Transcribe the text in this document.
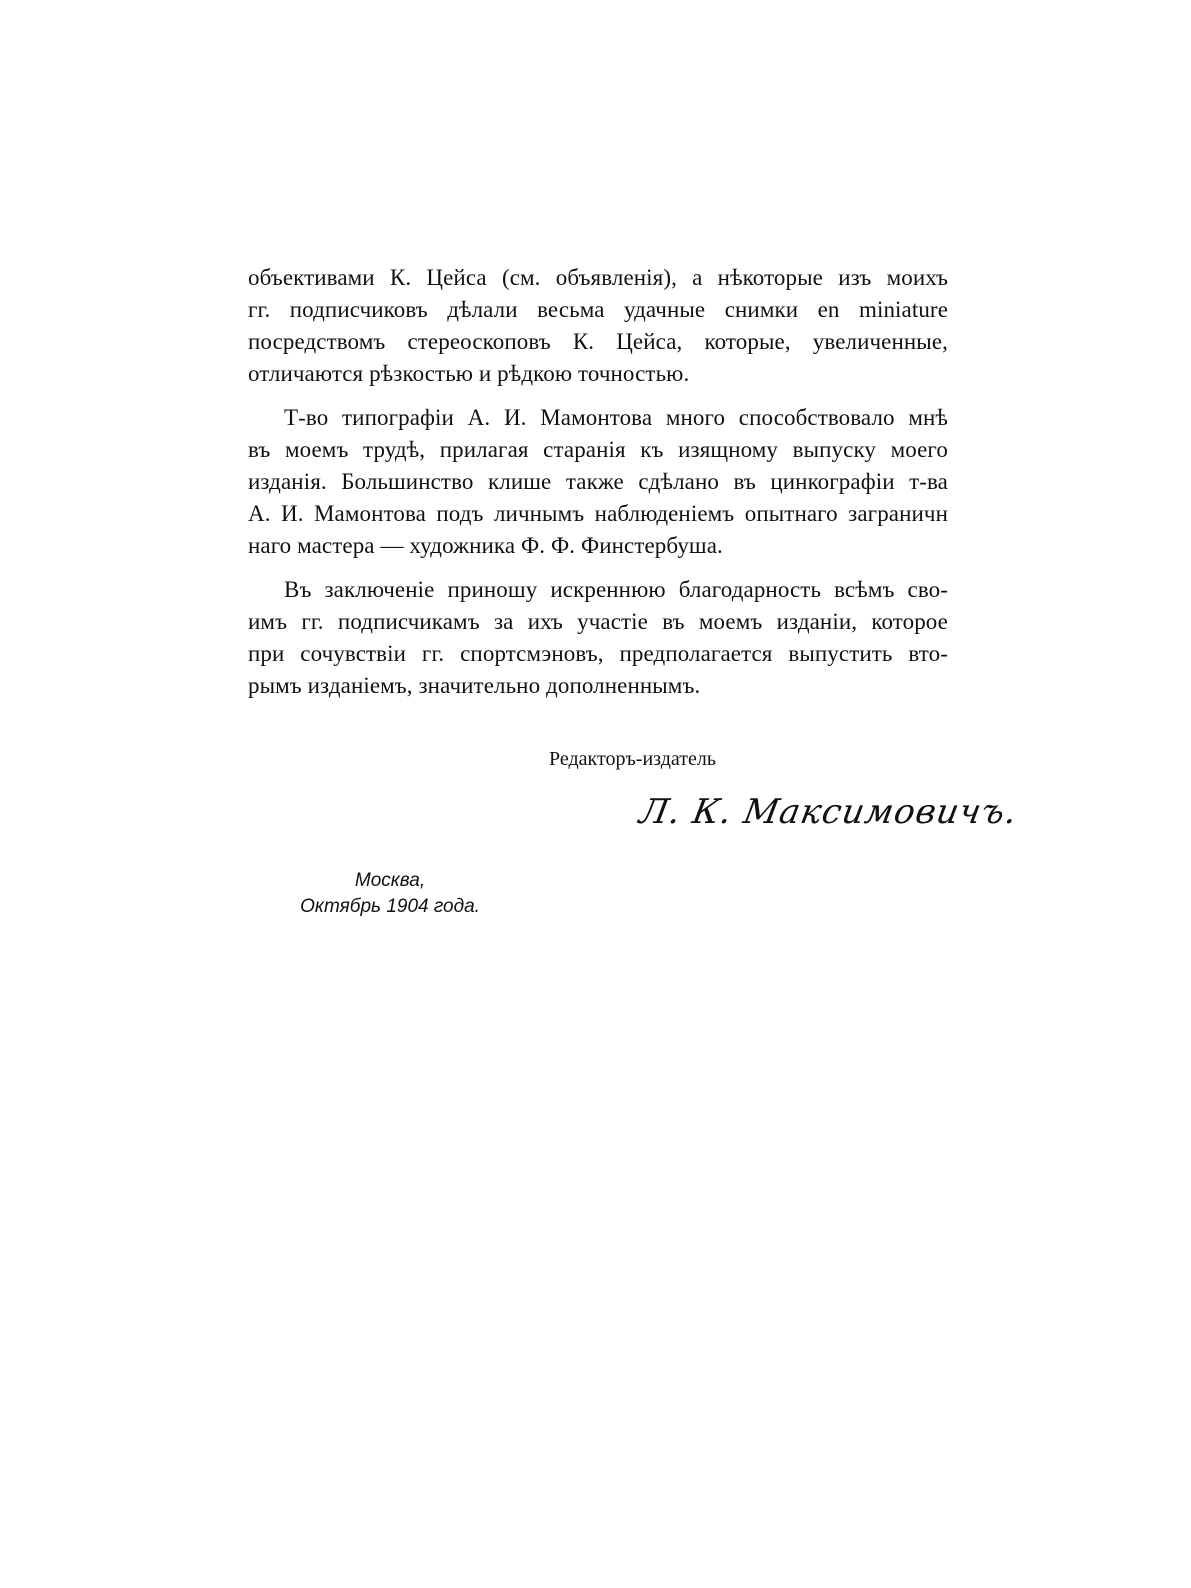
объективами К. Цейса (см. объявленія), а нѣкоторые изъ моихъ
гг. подписчиковъ дѣлали весьма удачные снимки en miniature
посредствомъ стереоскоповъ К. Цейса, которые, увеличенные,
отличаются рѣзкостью и рѣдкою точностью.
Т-во типографіи А. И. Мамонтова много способствовало мнѣ
въ моемъ трудѣ, прилагая старанія къ изящному выпуску моего
изданія. Большинство клише также сдѣлано въ цинкографіи т-ва
А. И. Мамонтова подъ личнымъ наблюденіемъ опытнаго заграничн
наго мастера — художника Ф. Ф. Финстербуша.
Въ заключеніе приношу искреннюю благодарность всѣмъ сво-
имъ гг. подписчикамъ за ихъ участіе въ моемъ изданіи, которое
при сочувствіи гг. спортсмэновъ, предполагается выпустить вто-
рымъ изданіемъ, значительно дополненнымъ.
Редакторъ-издатель
Л. К. Максимовичъ.
Москва,
Октябрь 1904 года.
